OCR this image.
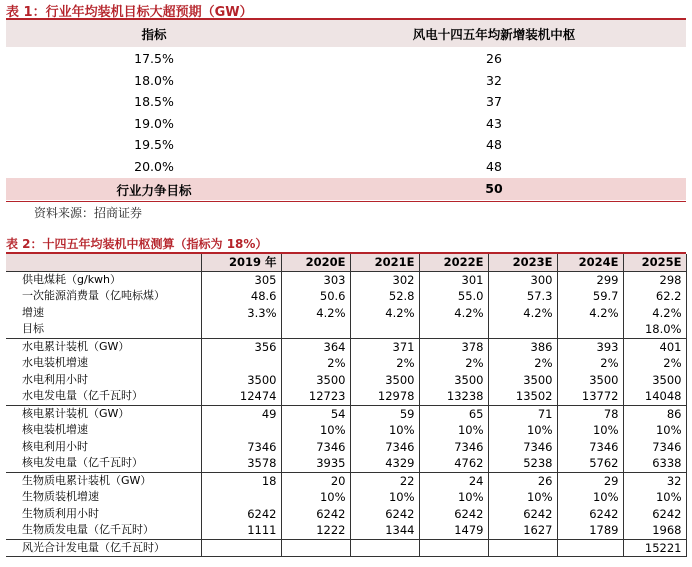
表 1：行业年均装机目标大超预期（GW）
指标	风电十四五年均新增装机中枢
17.5%	26
18.0%	32
18.5%	37
19.0%	43
19.5%	48
20.0%	48
行业力争目标	50
资料来源：招商证券
表 2：十四五年均装机中枢测算（指标为 18%）
	2019 年	2020E	2021E	2022E	2023E	2024E	2025E
供电煤耗（g/kwh）	305	303	302	301	300	299	298
一次能源消费量（亿吨标煤）	48.6	50.6	52.8	55.0	57.3	59.7	62.2
增速	3.3%	4.2%	4.2%	4.2%	4.2%	4.2%	4.2%
目标							18.0%
水电累计装机（GW）	356	364	371	378	386	393	401
水电装机增速		2%	2%	2%	2%	2%	2%
水电利用小时	3500	3500	3500	3500	3500	3500	3500
水电发电量（亿千瓦时）	12474	12723	12978	13238	13502	13772	14048
核电累计装机（GW）	49	54	59	65	71	78	86
核电装机增速		10%	10%	10%	10%	10%	10%
核电利用小时	7346	7346	7346	7346	7346	7346	7346
核电发电量（亿千瓦时）	3578	3935	4329	4762	5238	5762	6338
生物质电累计装机（GW）	18	20	22	24	26	29	32
生物质装机增速		10%	10%	10%	10%	10%	10%
生物质利用小时	6242	6242	6242	6242	6242	6242	6242
生物质发电量（亿千瓦时）	1111	1222	1344	1479	1627	1789	1968
风光合计发电量（亿千瓦时）							15221
